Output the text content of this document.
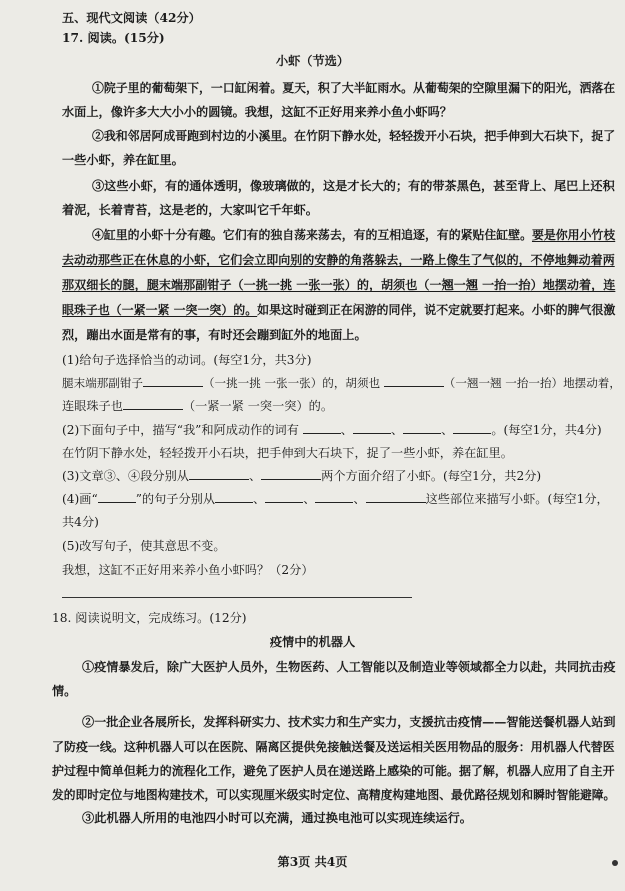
五、现代文阅读（42分）
17. 阅读。(15分)
小虾（节选）
①院子里的葡萄架下，一口缸闲着。夏天，积了大半缸雨水。从葡萄架的空隙里漏下的阳光，洒落在
水面上，像许多大大小小的圆镜。我想，这缸不正好用来养小鱼小虾吗？
②我和邻居阿成哥跑到村边的小溪里。在竹阴下静水处，轻轻拨开小石块，把手伸到大石块下，捉了
一些小虾，养在缸里。
③这些小虾，有的通体透明，像玻璃做的，这是才长大的；有的带茶黑色，甚至背上、尾巴上还积
着泥，长着青苔，这是老的，大家叫它千年虾。
④缸里的小虾十分有趣。它们有的独自荡来荡去，有的互相追逐，有的紧贴住缸壁。要是你用小竹枝
去动动那些正在休息的小虾，它们会立即向别的安静的角落躲去，一路上像生了气似的，不停地舞动着两
那双细长的腿，腿末端那副钳子（一挑一挑 一张一张）的，胡须也（一翘一翘 一抬一抬）地摆动着，连
眼珠子也（一紧一紧 一突一突）的。如果这时碰到正在闲游的同伴，说不定就要打起来。小虾的脾气很激
烈，蹦出水面是常有的事，有时还会蹦到缸外的地面上。
(1)给句子选择恰当的动词。(每空1分，共3分)
腿末端那副钳子	（一挑一挑 一张一张）的，胡须也	（一翘一翘 一抬一抬）地摆动着，
连眼珠子也	（一紧一紧 一突一突）的。
(2)下面句子中，描写“我”和阿成动作的词有	、	、	、	。(每空1分，共4分)
在竹阴下静水处，轻轻拨开小石块，把手伸到大石块下，捉了一些小虾，养在缸里。
(3)文章③、④段分别从	、	两个方面介绍了小虾。(每空1分，共2分)
(4)画“	”的句子分别从	、	、	、	这些部位来描写小虾。(每空1分，
共4分)
(5)改写句子，使其意思不变。
我想，这缸不正好用来养小鱼小虾吗？（2分）
18. 阅读说明文，完成练习。(12分)
疫情中的机器人
①疫情暴发后，除广大医护人员外，生物医药、人工智能以及制造业等领域都全力以赴，共同抗击疫
情。
②一批企业各展所长，发挥科研实力、技术实力和生产实力，支援抗击疫情——智能送餐机器人站到
了防疫一线。这种机器人可以在医院、隔离区提供免接触送餐及送运相关医用物品的服务：用机器人代替医
护过程中简单但耗力的流程化工作，避免了医护人员在递送路上感染的可能。据了解，机器人应用了自主开
发的即时定位与地图构建技术，可以实现厘米级实时定位、高精度构建地图、最优路径规划和瞬时智能避障。
③此机器人所用的电池四小时可以充满，通过换电池可以实现连续运行。
第3页 共4页
